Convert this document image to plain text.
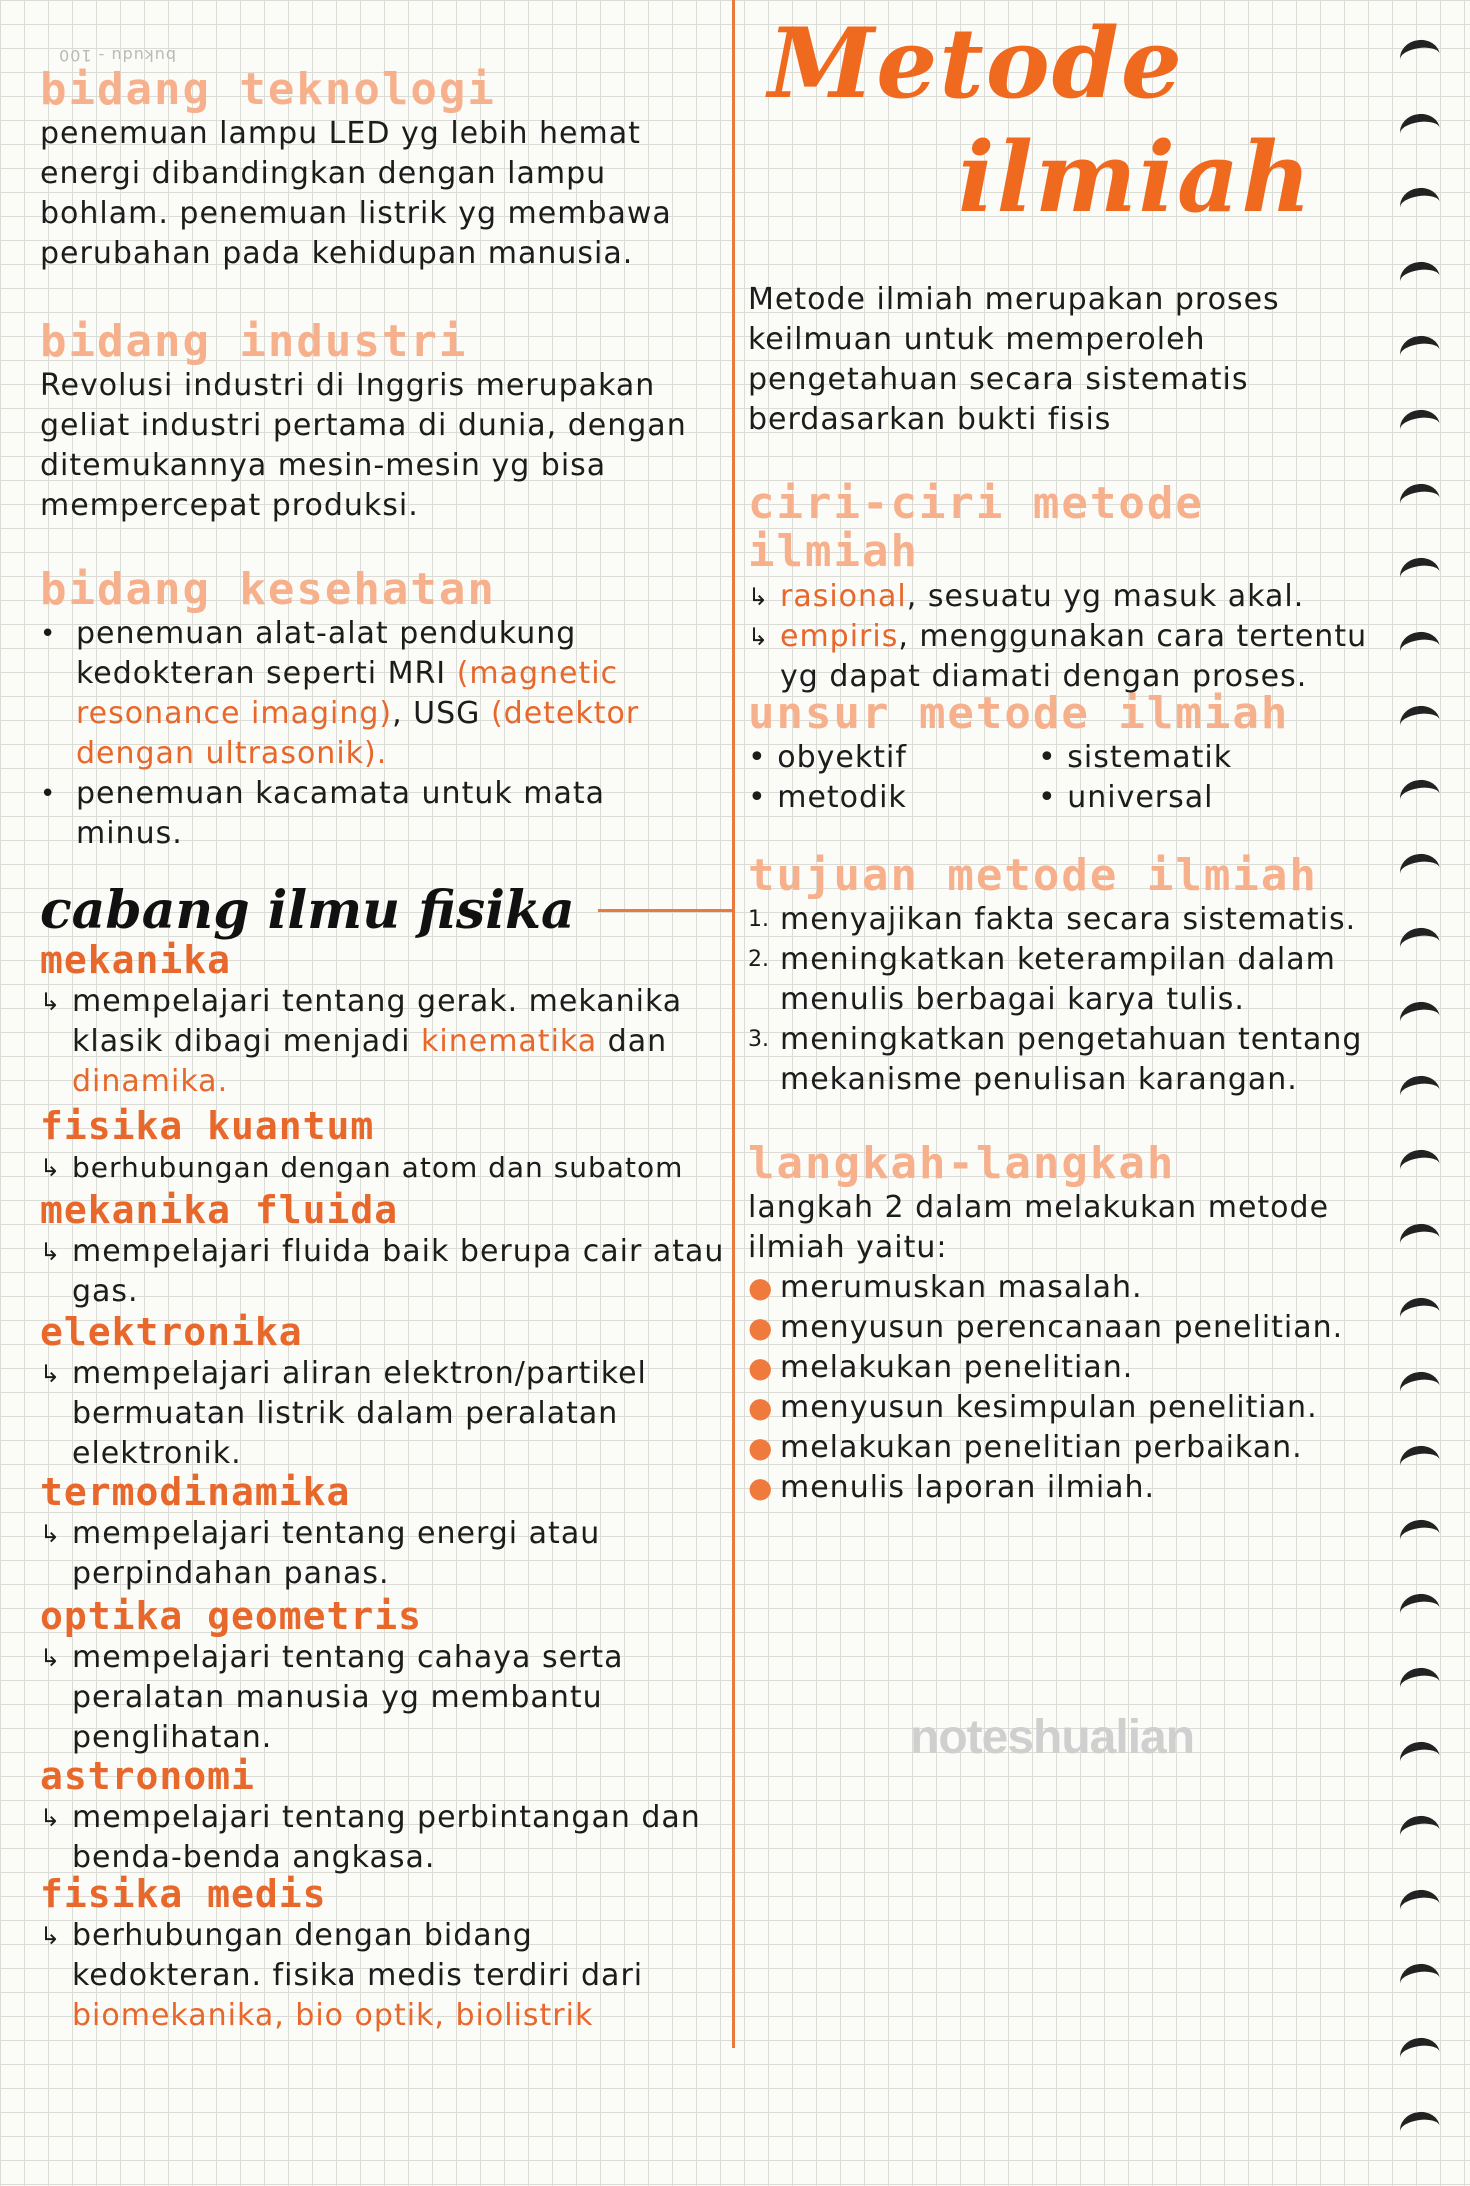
bukudu - 100
bidang teknologi
penemuan lampu LED yg lebih hemat energi dibandingkan dengan lampu bohlam. penemuan listrik yg membawa perubahan pada kehidupan manusia.
bidang industri
Revolusi industri di Inggris merupakan geliat industri pertama di dunia, dengan ditemukannya mesin-mesin yg bisa mempercepat produksi.
bidang kesehatan
• penemuan alat-alat pendukung kedokteran seperti MRI (magnetic resonance imaging), USG (detektor dengan ultrasonik).
• penemuan kacamata untuk mata minus.
cabang ilmu fisika
mekanika
↳ mempelajari tentang gerak. mekanika klasik dibagi menjadi kinematika dan dinamika.
fisika kuantum
↳ berhubungan dengan atom dan subatom
mekanika fluida
↳ mempelajari fluida baik berupa cair atau gas.
elektronika
↳ mempelajari aliran elektron/partikel bermuatan listrik dalam peralatan elektronik.
termodinamika
↳ mempelajari tentang energi atau perpindahan panas.
optika geometris
↳ mempelajari tentang cahaya serta peralatan manusia yg membantu penglihatan.
astronomi
↳ mempelajari tentang perbintangan dan benda-benda angkasa.
fisika medis
↳ berhubungan dengan bidang kedokteran. fisika medis terdiri dari biomekanika, bio optik, biolistrik
Metode
ilmiah
Metode ilmiah merupakan proses keilmuan untuk memperoleh pengetahuan secara sistematis berdasarkan bukti fisis
ciri-ciri metode ilmiah
↳ rasional, sesuatu yg masuk akal.
↳ empiris, menggunakan cara tertentu yg dapat diamati dengan proses.
unsur metode ilmiah
• obyektif	• sistematik
• metodik	• universal
tujuan metode ilmiah
1. menyajikan fakta secara sistematis.
2. meningkatkan keterampilan dalam menulis berbagai karya tulis.
3. meningkatkan pengetahuan tentang mekanisme penulisan karangan.
langkah-langkah
langkah 2 dalam melakukan metode ilmiah yaitu:
● merumuskan masalah.
● menyusun perencanaan penelitian.
● melakukan penelitian.
● menyusun kesimpulan penelitian.
● melakukan penelitian perbaikan.
● menulis laporan ilmiah.
noteshualian
